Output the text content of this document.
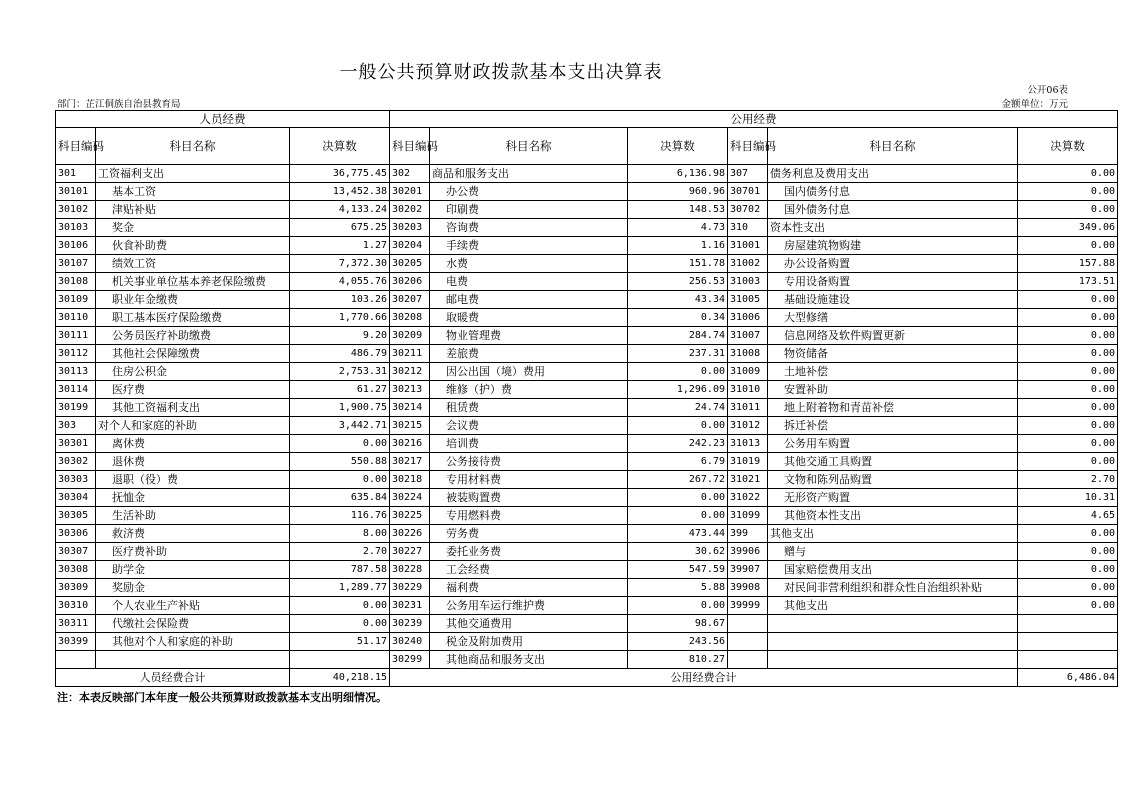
一般公共预算财政拨款基本支出决算表
公开06表
部门：芷江侗族自治县教育局	金额单位：万元
人员经费			公用经费					
科目编码	科目名称	决算数	科目编码	科目名称	决算数	科目编码	科目名称	决算数
301	工资福利支出	36,775.45	302	商品和服务支出	6,136.98	307	债务利息及费用支出	0.00
30101	基本工资	13,452.38	30201	办公费	960.96	30701	国内债务付息	0.00
30102	津贴补贴	4,133.24	30202	印刷费	148.53	30702	国外债务付息	0.00
30103	奖金	675.25	30203	咨询费	4.73	310	资本性支出	349.06
30106	伙食补助费	1.27	30204	手续费	1.16	31001	房屋建筑物购建	0.00
30107	绩效工资	7,372.30	30205	水费	151.78	31002	办公设备购置	157.88
30108	机关事业单位基本养老保险缴费	4,055.76	30206	电费	256.53	31003	专用设备购置	173.51
30109	职业年金缴费	103.26	30207	邮电费	43.34	31005	基础设施建设	0.00
30110	职工基本医疗保险缴费	1,770.66	30208	取暖费	0.34	31006	大型修缮	0.00
30111	公务员医疗补助缴费	9.20	30209	物业管理费	284.74	31007	信息网络及软件购置更新	0.00
30112	其他社会保障缴费	486.79	30211	差旅费	237.31	31008	物资储备	0.00
30113	住房公积金	2,753.31	30212	因公出国（境）费用	0.00	31009	土地补偿	0.00
30114	医疗费	61.27	30213	维修（护）费	1,296.09	31010	安置补助	0.00
30199	其他工资福利支出	1,900.75	30214	租赁费	24.74	31011	地上附着物和青苗补偿	0.00
303	对个人和家庭的补助	3,442.71	30215	会议费	0.00	31012	拆迁补偿	0.00
30301	离休费	0.00	30216	培训费	242.23	31013	公务用车购置	0.00
30302	退休费	550.88	30217	公务接待费	6.79	31019	其他交通工具购置	0.00
30303	退职（役）费	0.00	30218	专用材料费	267.72	31021	文物和陈列品购置	2.70
30304	抚恤金	635.84	30224	被装购置费	0.00	31022	无形资产购置	10.31
30305	生活补助	116.76	30225	专用燃料费	0.00	31099	其他资本性支出	4.65
30306	救济费	8.00	30226	劳务费	473.44	399	其他支出	0.00
30307	医疗费补助	2.70	30227	委托业务费	30.62	39906	赠与	0.00
30308	助学金	787.58	30228	工会经费	547.59	39907	国家赔偿费用支出	0.00
30309	奖励金	1,289.77	30229	福利费	5.88	39908	对民间非营利组织和群众性自治组织补贴	0.00
30310	个人农业生产补贴	0.00	30231	公务用车运行维护费	0.00	39999	其他支出	0.00
30311	代缴社会保险费	0.00	30239	其他交通费用	98.67			
30399	其他对个人和家庭的补助	51.17	30240	税金及附加费用	243.56			
			30299	其他商品和服务支出	810.27			
人员经费合计		40,218.15	公用经费合计					6,486.04
注：本表反映部门本年度一般公共预算财政拨款基本支出明细情况。
